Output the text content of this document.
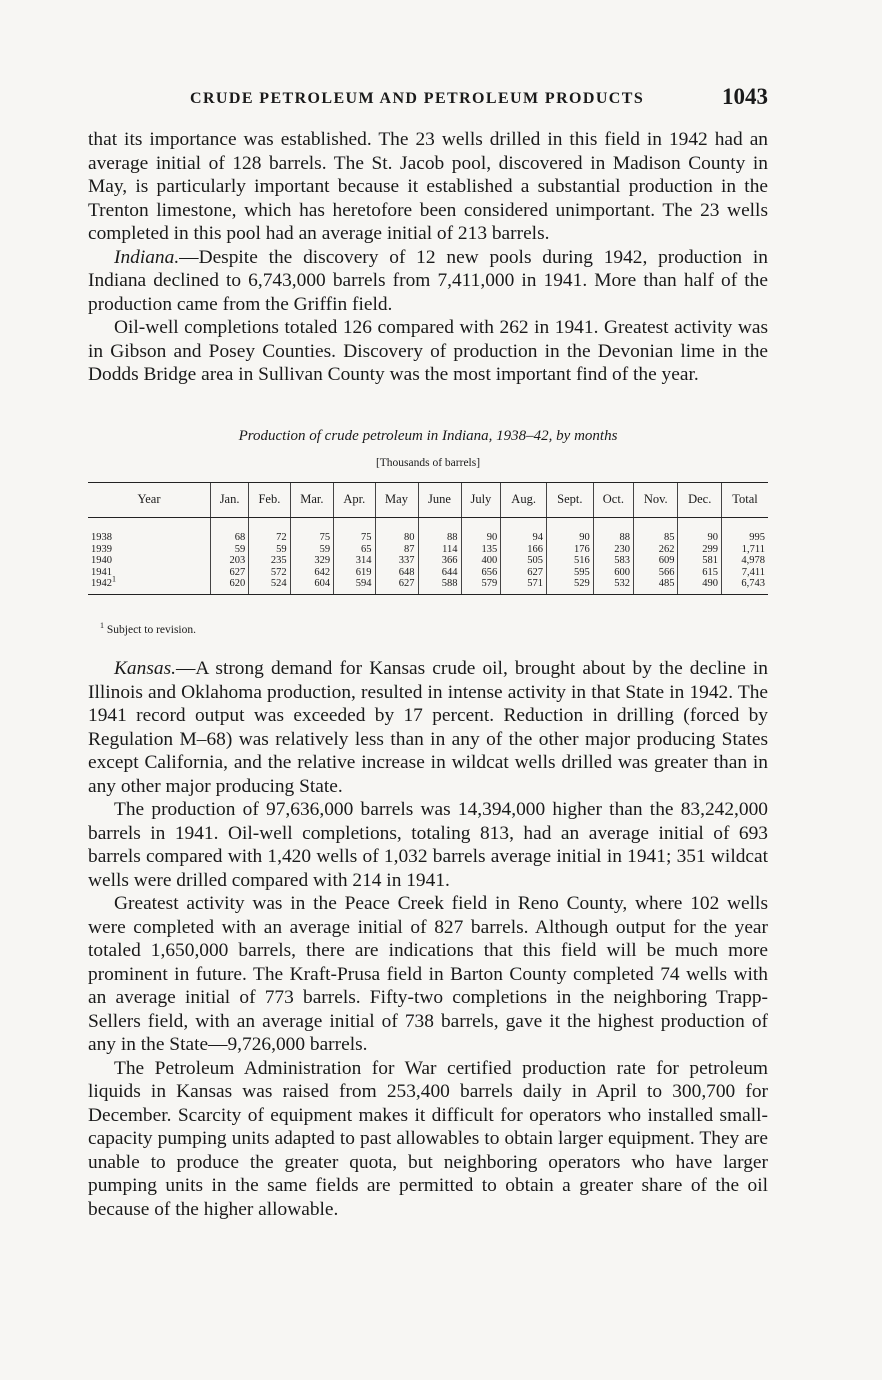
CRUDE PETROLEUM AND PETROLEUM PRODUCTS	1043

that its importance was established. The 23 wells drilled in this field in 1942 had an average initial of 128 barrels. The St. Jacob pool, discovered in Madison County in May, is particularly important because it established a substantial production in the Trenton limestone, which has heretofore been considered unimportant. The 23 wells completed in this pool had an average initial of 213 barrels.

Indiana.—Despite the discovery of 12 new pools during 1942, production in Indiana declined to 6,743,000 barrels from 7,411,000 in 1941. More than half of the production came from the Griffin field.

Oil-well completions totaled 126 compared with 262 in 1941. Greatest activity was in Gibson and Posey Counties. Discovery of production in the Devonian lime in the Dodds Bridge area in Sullivan County was the most important find of the year.

Production of crude petroleum in Indiana, 1938–42, by months
[Thousands of barrels]
Year	Jan.	Feb.	Mar.	Apr.	May	June	July	Aug.	Sept.	Oct.	Nov.	Dec.	Total
1938	68	72	75	75	80	88	90	94	90	88	85	90	995
1939	59	59	59	65	87	114	135	166	176	230	262	299	1,711
1940	203	235	329	314	337	366	400	505	516	583	609	581	4,978
1941	627	572	642	619	648	644	656	627	595	600	566	615	7,411
1942$^1$	620	524	604	594	627	588	579	571	529	532	485	490	6,743
$^1$ Subject to revision.

Kansas.—A strong demand for Kansas crude oil, brought about by the decline in Illinois and Oklahoma production, resulted in intense activity in that State in 1942. The 1941 record output was exceeded by 17 percent. Reduction in drilling (forced by Regulation M–68) was relatively less than in any of the other major producing States except California, and the relative increase in wildcat wells drilled was greater than in any other major producing State.

The production of 97,636,000 barrels was 14,394,000 higher than the 83,242,000 barrels in 1941. Oil-well completions, totaling 813, had an average initial of 693 barrels compared with 1,420 wells of 1,032 barrels average initial in 1941; 351 wildcat wells were drilled compared with 214 in 1941.

Greatest activity was in the Peace Creek field in Reno County, where 102 wells were completed with an average initial of 827 barrels. Although output for the year totaled 1,650,000 barrels, there are indications that this field will be much more prominent in future. The Kraft-Prusa field in Barton County completed 74 wells with an average initial of 773 barrels. Fifty-two completions in the neighboring Trapp-Sellers field, with an average initial of 738 barrels, gave it the highest production of any in the State—9,726,000 barrels.

The Petroleum Administration for War certified production rate for petroleum liquids in Kansas was raised from 253,400 barrels daily in April to 300,700 for December. Scarcity of equipment makes it difficult for operators who installed small-capacity pumping units adapted to past allowables to obtain larger equipment. They are unable to produce the greater quota, but neighboring operators who have larger pumping units in the same fields are permitted to obtain a greater share of the oil because of the higher allowable.
